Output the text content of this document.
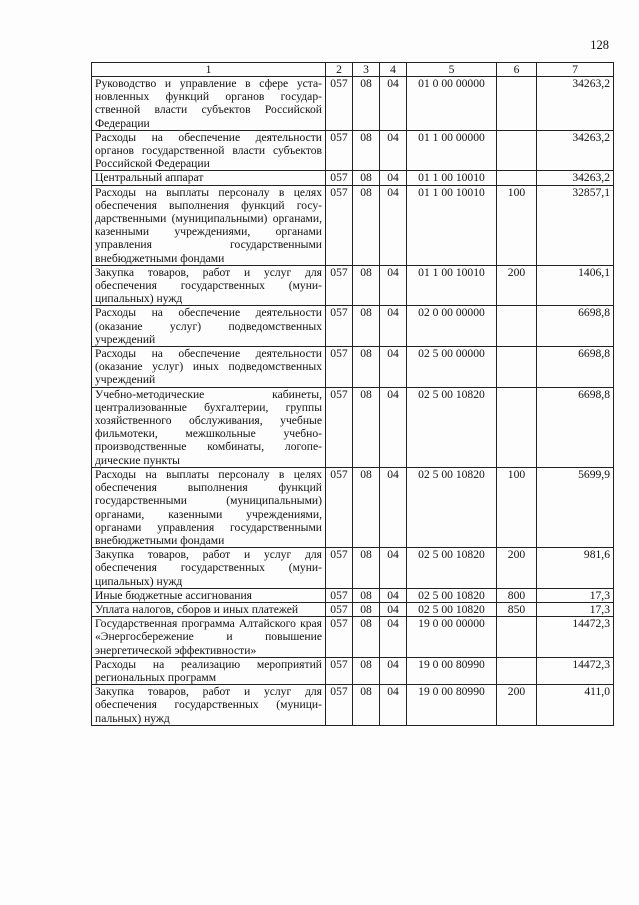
128
1	2	3	4	5	6	7
Руководство и управление в сфере установленных функций органов государственной власти субъектов Российской Федерации	057	08	04	01 0 00 00000		34263,2
Расходы на обеспечение деятельности органов государственной власти субъектов Российской Федерации	057	08	04	01 1 00 00000		34263,2
Центральный аппарат	057	08	04	01 1 00 10010		34263,2
Расходы на выплаты персоналу в целях обеспечения выполнения функций государственными (муниципальными) органами, казенными учреждениями, органами управления государственными внебюджетными фондами	057	08	04	01 1 00 10010	100	32857,1
Закупка товаров, работ и услуг для обеспечения государственных (муниципальных) нужд	057	08	04	01 1 00 10010	200	1406,1
Расходы на обеспечение деятельности (оказание услуг) подведомственных учреждений	057	08	04	02 0 00 00000		6698,8
Расходы на обеспечение деятельности (оказание услуг) иных подведомственных учреждений	057	08	04	02 5 00 00000		6698,8
Учебно-методические кабинеты, централизованные бухгалтерии, группы хозяйственного обслуживания, учебные фильмотеки, межшкольные учебнопроизводственные комбинаты, логопедические пункты	057	08	04	02 5 00 10820		6698,8
Расходы на выплаты персоналу в целях обеспечения выполнения функций государственными (муниципальными) органами, казенными учреждениями, органами управления государственными внебюджетными фондами	057	08	04	02 5 00 10820	100	5699,9
Закупка товаров, работ и услуг для обеспечения государственных (муниципальных) нужд	057	08	04	02 5 00 10820	200	981,6
Иные бюджетные ассигнования	057	08	04	02 5 00 10820	800	17,3
Уплата налогов, сборов и иных платежей	057	08	04	02 5 00 10820	850	17,3
Государственная программа Алтайского края «Энергосбережение и повышение энергетической эффективности»	057	08	04	19 0 00 00000		14472,3
Расходы на реализацию мероприятий региональных программ	057	08	04	19 0 00 80990		14472,3
Закупка товаров, работ и услуг для обеспечения государственных (муниципальных) нужд	057	08	04	19 0 00 80990	200	411,0
